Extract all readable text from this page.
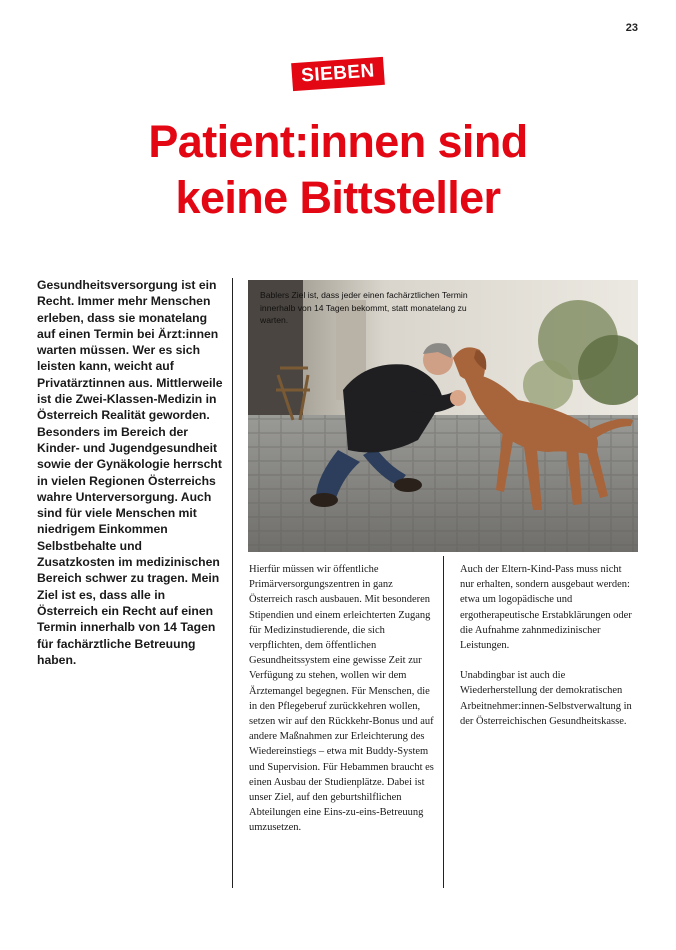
23
SIEBEN
Patient:innen sind
keine Bittsteller

Gesundheitsversorgung ist ein Recht. Immer mehr Menschen erleben, dass sie monatelang auf einen Termin bei Ärzt:innen warten müssen. Wer es sich leisten kann, weicht auf Privatärztinnen aus. Mittlerweile ist die Zwei-Klassen-Medizin in Österreich Realität geworden. Besonders im Bereich der Kinder- und Jugendgesundheit sowie der Gynäkologie herrscht in vielen Regionen Österreichs wahre Unterversorgung. Auch sind für viele Menschen mit niedrigem Einkommen Selbstbehalte und Zusatzkosten im medizinischen Bereich schwer zu tragen. Mein Ziel ist es, dass alle in Österreich ein Recht auf einen Termin innerhalb von 14 Tagen für fachärztliche Betreuung haben.

Bablers Ziel ist, dass jeder einen fachärztlichen Termin innerhalb von 14 Tagen bekommt, statt monatelang zu warten.

Hierfür müssen wir öffentliche Primärversorgungszentren in ganz Österreich rasch ausbauen. Mit besonderen Stipendien und einem erleichterten Zugang für Medizinstudierende, die sich verpflichten, dem öffentlichen Gesundheitssystem eine gewisse Zeit zur Verfügung zu stehen, wollen wir dem Ärztemangel begegnen. Für Menschen, die in den Pflegeberuf zurückkehren wollen, setzen wir auf den Rückkehr-Bonus und auf andere Maßnahmen zur Erleichterung des Wiedereinstiegs – etwa mit Buddy-System und Supervision. Für Hebammen braucht es einen Ausbau der Studienplätze. Dabei ist unser Ziel, auf den geburtshilflichen Abteilungen eine Eins-zu-eins-Betreuung umzusetzen.

Auch der Eltern-Kind-Pass muss nicht nur erhalten, sondern ausgebaut werden: etwa um logopädische und ergotherapeutische Erstabklärungen oder die Aufnahme zahnmedizinischer Leistungen.

Unabdingbar ist auch die Wiederherstellung der demokratischen Arbeitnehmer:innen-Selbstverwaltung in der Österreichischen Gesundheitskasse.
